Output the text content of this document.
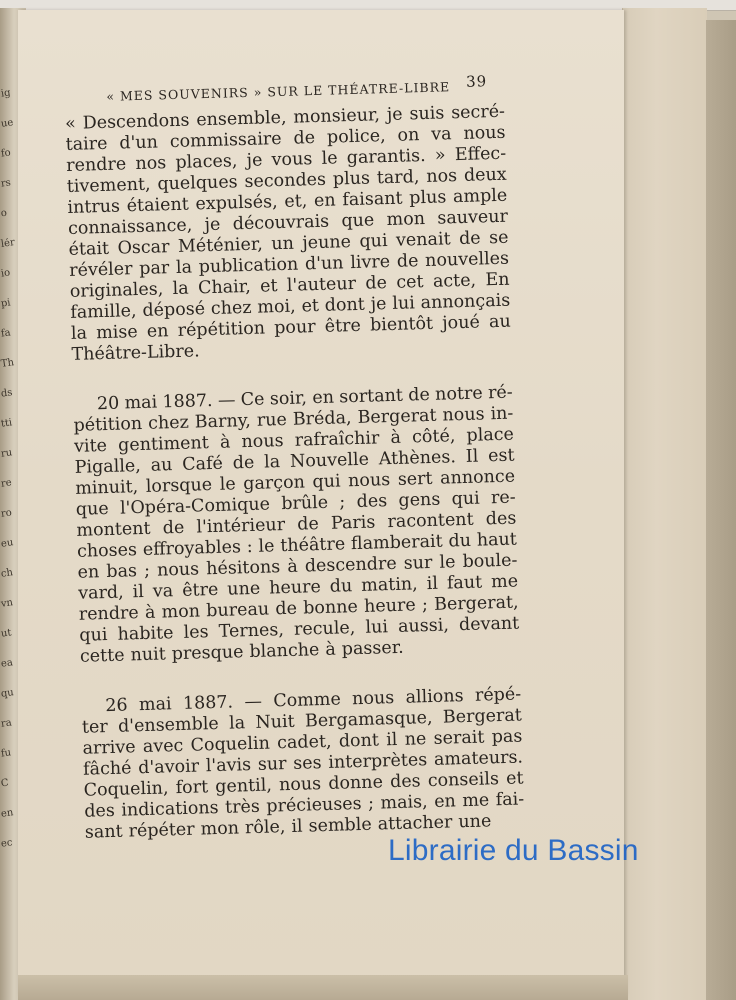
ig
ue
fo
rs
o
lér
io
pi
fa
Th
ds
tti
ru
re
ro
eu
ch
vn
ut
ea
qu
ra
fu
C
en
ec
« MES SOUVENIRS » SUR LE THÉATRE-LIBRE 39
« Descendons ensemble, monsieur, je suis secré-
taire d'un commissaire de police, on va nous
rendre nos places, je vous le garantis. » Effec-
tivement, quelques secondes plus tard, nos deux
intrus étaient expulsés, et, en faisant plus ample
connaissance, je découvrais que mon sauveur
était Oscar Méténier, un jeune qui venait de se
révéler par la publication d'un livre de nouvelles
originales, la Chair, et l'auteur de cet acte, En
famille, déposé chez moi, et dont je lui annonçais
la mise en répétition pour être bientôt joué au
Théâtre-Libre.
20 mai 1887. — Ce soir, en sortant de notre ré-
pétition chez Barny, rue Bréda, Bergerat nous in-
vite gentiment à nous rafraîchir à côté, place
Pigalle, au Café de la Nouvelle Athènes. Il est
minuit, lorsque le garçon qui nous sert annonce
que l'Opéra-Comique brûle ; des gens qui re-
montent de l'intérieur de Paris racontent des
choses effroyables : le théâtre flamberait du haut
en bas ; nous hésitons à descendre sur le boule-
vard, il va être une heure du matin, il faut me
rendre à mon bureau de bonne heure ; Bergerat,
qui habite les Ternes, recule, lui aussi, devant
cette nuit presque blanche à passer.
26 mai 1887. — Comme nous allions répé-
ter d'ensemble la Nuit Bergamasque, Bergerat
arrive avec Coquelin cadet, dont il ne serait pas
fâché d'avoir l'avis sur ses interprètes amateurs.
Coquelin, fort gentil, nous donne des conseils et
des indications très précieuses ; mais, en me fai-
sant répéter mon rôle, il semble attacher une
Librairie du Bassin
